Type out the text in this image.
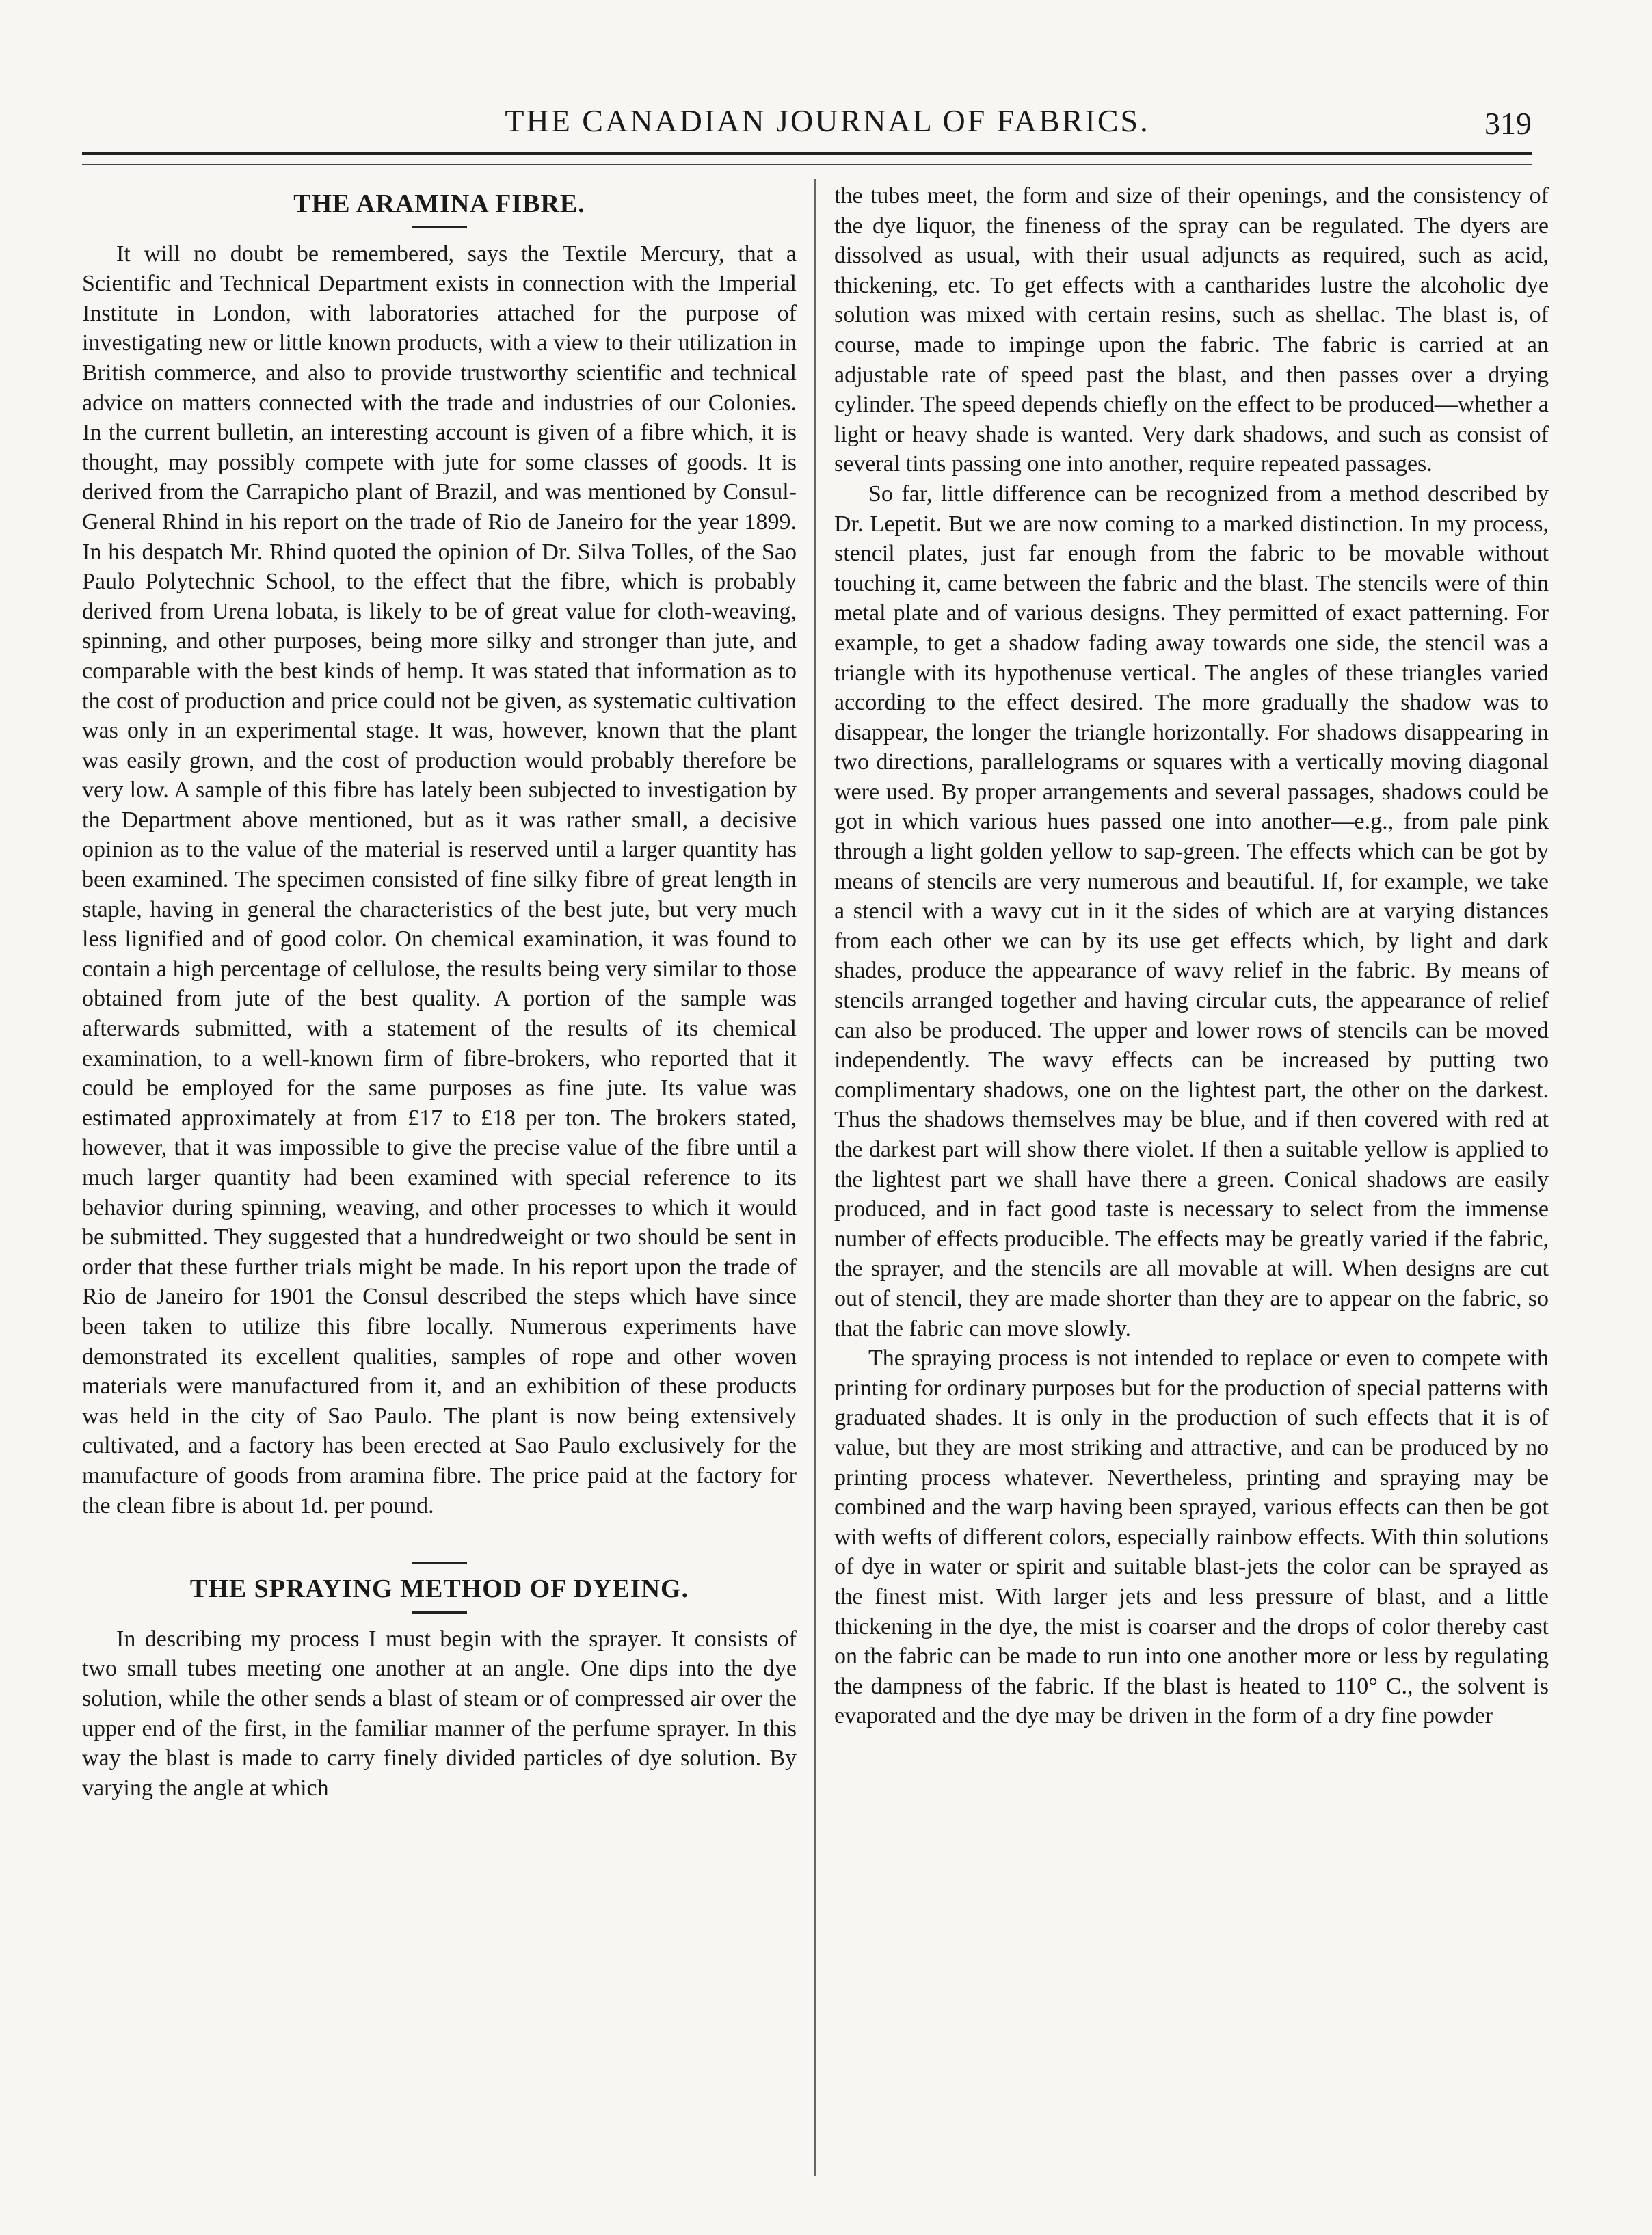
THE CANADIAN JOURNAL OF FABRICS.	319
THE ARAMINA FIBRE.

It will no doubt be remembered, says the Textile Mercury, that a Scientific and Technical Department exists in connection with the Imperial Institute in London, with laboratories attached for the purpose of investigating new or little known products, with a view to their utilization in British commerce, and also to provide trustworthy scientific and technical advice on matters connected with the trade and industries of our Colonies. In the current bulletin, an interesting account is given of a fibre which, it is thought, may possibly compete with jute for some classes of goods. It is derived from the Carrapicho plant of Brazil, and was mentioned by Consul-General Rhind in his report on the trade of Rio de Janeiro for the year 1899. In his despatch Mr. Rhind quoted the opinion of Dr. Silva Tolles, of the Sao Paulo Polytechnic School, to the effect that the fibre, which is probably derived from Urena lobata, is likely to be of great value for cloth-weaving, spinning, and other purposes, being more silky and stronger than jute, and comparable with the best kinds of hemp. It was stated that information as to the cost of production and price could not be given, as systematic cultivation was only in an experimental stage. It was, however, known that the plant was easily grown, and the cost of production would probably therefore be very low. A sample of this fibre has lately been subjected to investigation by the Department above mentioned, but as it was rather small, a decisive opinion as to the value of the material is reserved until a larger quantity has been examined. The specimen consisted of fine silky fibre of great length in staple, having in general the characteristics of the best jute, but very much less lignified and of good color. On chemical examination, it was found to contain a high percentage of cellulose, the results being very similar to those obtained from jute of the best quality. A portion of the sample was afterwards submitted, with a statement of the results of its chemical examination, to a well-known firm of fibre-brokers, who reported that it could be employed for the same purposes as fine jute. Its value was estimated approximately at from £17 to £18 per ton. The brokers stated, however, that it was impossible to give the precise value of the fibre until a much larger quantity had been examined with special reference to its behavior during spinning, weaving, and other processes to which it would be submitted. They suggested that a hundredweight or two should be sent in order that these further trials might be made. In his report upon the trade of Rio de Janeiro for 1901 the Consul described the steps which have since been taken to utilize this fibre locally. Numerous experiments have demonstrated its excellent qualities, samples of rope and other woven materials were manufactured from it, and an exhibition of these products was held in the city of Sao Paulo. The plant is now being extensively cultivated, and a factory has been erected at Sao Paulo exclusively for the manufacture of goods from aramina fibre. The price paid at the factory for the clean fibre is about 1d. per pound.

THE SPRAYING METHOD OF DYEING.

In describing my process I must begin with the sprayer. It consists of two small tubes meeting one another at an angle. One dips into the dye solution, while the other sends a blast of steam or of compressed air over the upper end of the first, in the familiar manner of the perfume sprayer. In this way the blast is made to carry finely divided particles of dye solution. By varying the angle at which

the tubes meet, the form and size of their openings, and the consistency of the dye liquor, the fineness of the spray can be regulated. The dyers are dissolved as usual, with their usual adjuncts as required, such as acid, thickening, etc. To get effects with a cantharides lustre the alcoholic dye solution was mixed with certain resins, such as shellac. The blast is, of course, made to impinge upon the fabric. The fabric is carried at an adjustable rate of speed past the blast, and then passes over a drying cylinder. The speed depends chiefly on the effect to be produced—whether a light or heavy shade is wanted. Very dark shadows, and such as consist of several tints passing one into another, require repeated passages.

So far, little difference can be recognized from a method described by Dr. Lepetit. But we are now coming to a marked distinction. In my process, stencil plates, just far enough from the fabric to be movable without touching it, came between the fabric and the blast. The stencils were of thin metal plate and of various designs. They permitted of exact patterning. For example, to get a shadow fading away towards one side, the stencil was a triangle with its hypothenuse vertical. The angles of these triangles varied according to the effect desired. The more gradually the shadow was to disappear, the longer the triangle horizontally. For shadows disappearing in two directions, parallelograms or squares with a vertically moving diagonal were used. By proper arrangements and several passages, shadows could be got in which various hues passed one into another—e.g., from pale pink through a light golden yellow to sap-green. The effects which can be got by means of stencils are very numerous and beautiful. If, for example, we take a stencil with a wavy cut in it the sides of which are at varying distances from each other we can by its use get effects which, by light and dark shades, produce the appearance of wavy relief in the fabric. By means of stencils arranged together and having circular cuts, the appearance of relief can also be produced. The upper and lower rows of stencils can be moved independently. The wavy effects can be increased by putting two complimentary shadows, one on the lightest part, the other on the darkest. Thus the shadows themselves may be blue, and if then covered with red at the darkest part will show there violet. If then a suitable yellow is applied to the lightest part we shall have there a green. Conical shadows are easily produced, and in fact good taste is necessary to select from the immense number of effects producible. The effects may be greatly varied if the fabric, the sprayer, and the stencils are all movable at will. When designs are cut out of stencil, they are made shorter than they are to appear on the fabric, so that the fabric can move slowly.

The spraying process is not intended to replace or even to compete with printing for ordinary purposes but for the production of special patterns with graduated shades. It is only in the production of such effects that it is of value, but they are most striking and attractive, and can be produced by no printing process whatever. Nevertheless, printing and spraying may be combined and the warp having been sprayed, various effects can then be got with wefts of different colors, especially rainbow effects. With thin solutions of dye in water or spirit and suitable blast-jets the color can be sprayed as the finest mist. With larger jets and less pressure of blast, and a little thickening in the dye, the mist is coarser and the drops of color thereby cast on the fabric can be made to run into one another more or less by regulating the dampness of the fabric. If the blast is heated to 110° C., the solvent is evaporated and the dye may be driven in the form of a dry fine powder
